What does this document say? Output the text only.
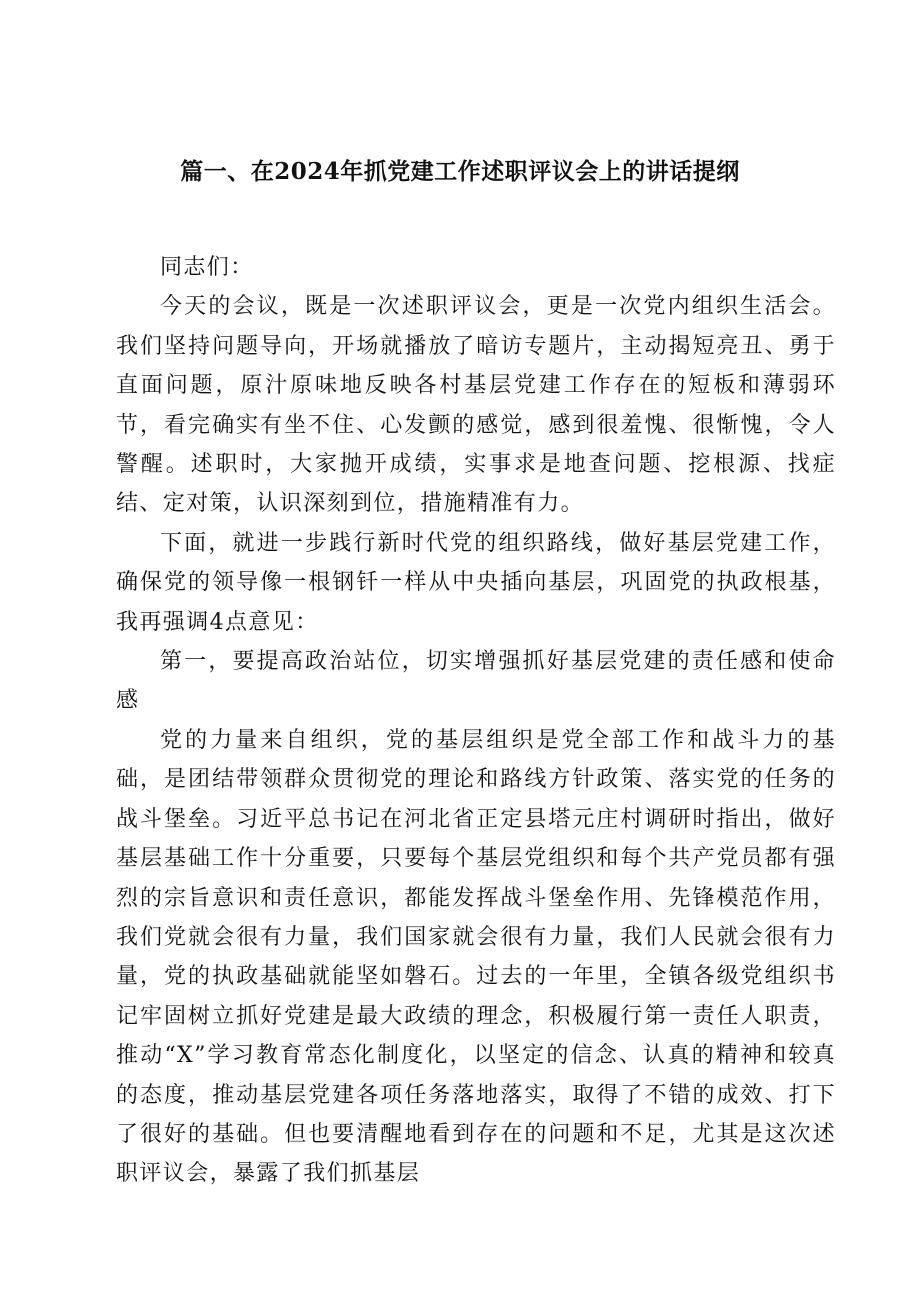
篇一、在2024年抓党建工作述职评议会上的讲话提纲

同志们：

今天的会议，既是一次述职评议会，更是一次党内组织生活会。我们坚持问题导向，开场就播放了暗访专题片，主动揭短亮丑、勇于直面问题，原汁原味地反映各村基层党建工作存在的短板和薄弱环节，看完确实有坐不住、心发颤的感觉，感到很羞愧、很惭愧，令人警醒。述职时，大家抛开成绩，实事求是地查问题、挖根源、找症结、定对策，认识深刻到位，措施精准有力。

下面，就进一步践行新时代党的组织路线，做好基层党建工作，确保党的领导像一根钢钎一样从中央插向基层，巩固党的执政根基，我再强调4点意见：

第一，要提高政治站位，切实增强抓好基层党建的责任感和使命感

党的力量来自组织，党的基层组织是党全部工作和战斗力的基础，是团结带领群众贯彻党的理论和路线方针政策、落实党的任务的战斗堡垒。习近平总书记在河北省正定县塔元庄村调研时指出，做好基层基础工作十分重要，只要每个基层党组织和每个共产党员都有强烈的宗旨意识和责任意识，都能发挥战斗堡垒作用、先锋模范作用，我们党就会很有力量，我们国家就会很有力量，我们人民就会很有力量，党的执政基础就能坚如磐石。过去的一年里，全镇各级党组织书记牢固树立抓好党建是最大政绩的理念，积极履行第一责任人职责，推动“X”学习教育常态化制度化，以坚定的信念、认真的精神和较真的态度，推动基层党建各项任务落地落实，取得了不错的成效、打下了很好的基础。但也要清醒地看到存在的问题和不足，尤其是这次述职评议会，暴露了我们抓基层
